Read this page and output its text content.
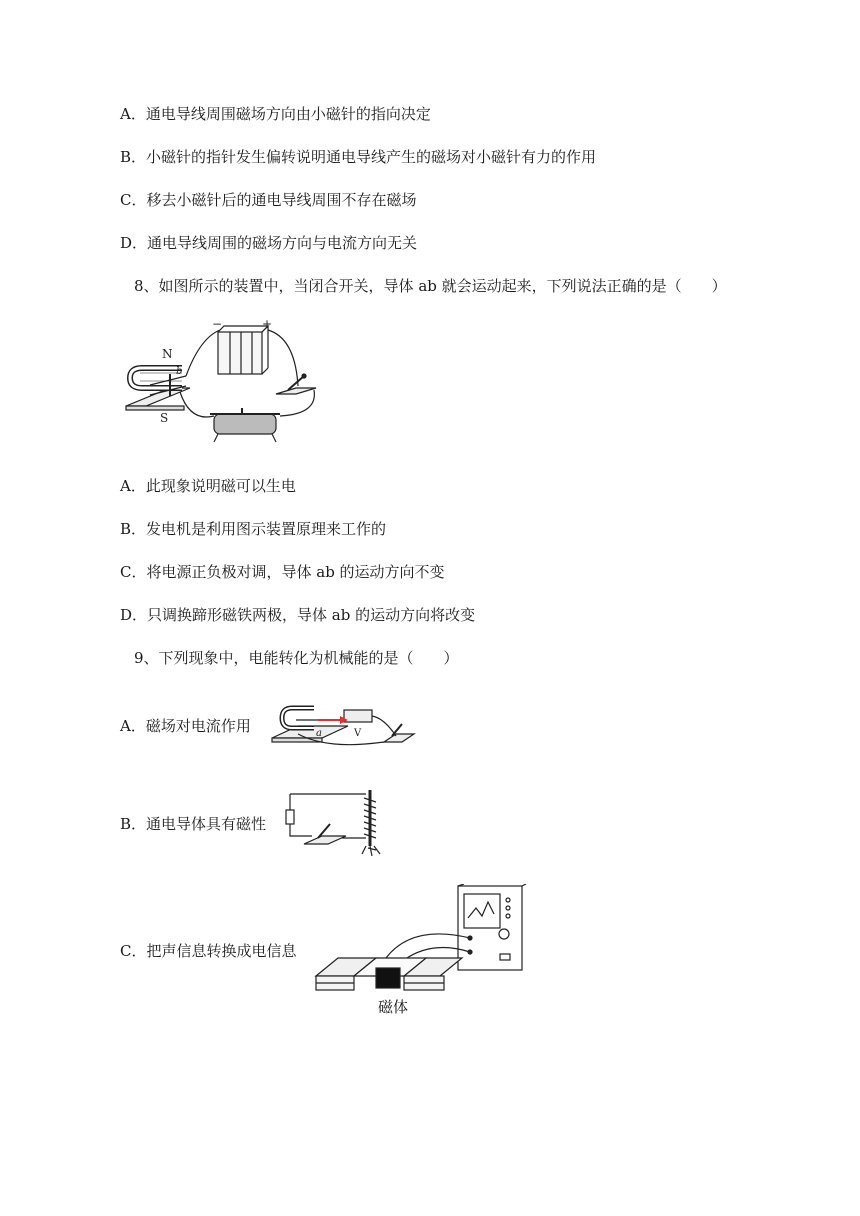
A．通电导线周围磁场方向由小磁针的指向决定
B．小磁针的指针发生偏转说明通电导线产生的磁场对小磁针有力的作用
C．移去小磁针后的通电导线周围不存在磁场
D．通电导线周围的磁场方向与电流方向无关
8、如图所示的装置中，当闭合开关，导体 ab 就会运动起来，下列说法正确的是（　　）
−	+
N
S
b
A．此现象说明磁可以生电
B．发电机是利用图示装置原理来工作的
C．将电源正负极对调，导体 ab 的运动方向不变
D．只调换蹄形磁铁两极，导体 ab 的运动方向将改变
9、下列现象中，电能转化为机械能的是（　　）
A．磁场对电流作用	V
a
B．通电导体具有磁性
C．把声信息转换成电信息
磁体
